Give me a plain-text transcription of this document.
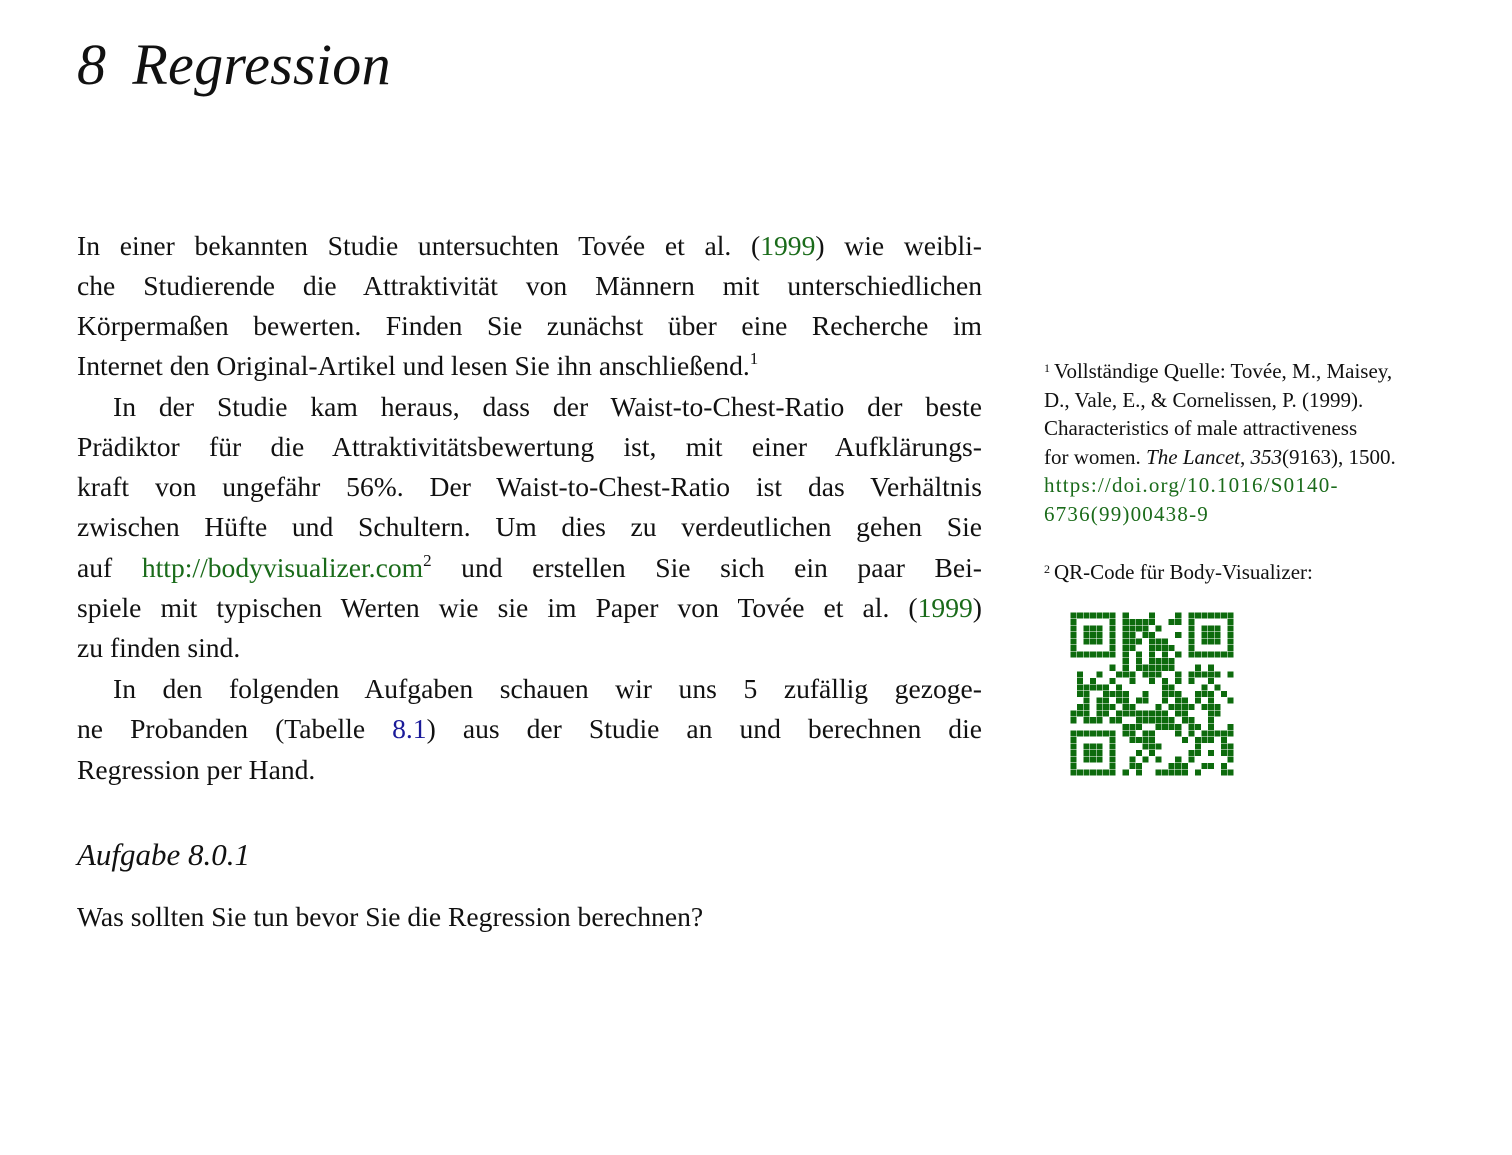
8 Regression
In einer bekannten Studie untersuchten Tovée et al. (1999) wie weibli-
che Studierende die Attraktivität von Männern mit unterschiedlichen
Körpermaßen bewerten. Finden Sie zunächst über eine Recherche im
Internet den Original-Artikel und lesen Sie ihn anschließend.$^1$
In der Studie kam heraus, dass der Waist-to-Chest-Ratio der beste
Prädiktor für die Attraktivitätsbewertung ist, mit einer Aufklärungs-
kraft von ungefähr 56%. Der Waist-to-Chest-Ratio ist das Verhältnis
zwischen Hüfte und Schultern. Um dies zu verdeutlichen gehen Sie
auf http://bodyvisualizer.com$^2$ und erstellen Sie sich ein paar Bei-
spiele mit typischen Werten wie sie im Paper von Tovée et al. (1999)
zu finden sind.
In den folgenden Aufgaben schauen wir uns 5 zufällig gezoge-
ne Probanden (Tabelle 8.1) aus der Studie an und berechnen die
Regression per Hand.
Aufgabe 8.0.1
Was sollten Sie tun bevor Sie die Regression berechnen?
$^1$ Vollständige Quelle: Tovée, M., Maisey,
D., Vale, E., & Cornelissen, P. (1999).
Characteristics of male attractiveness
for women. The Lancet, 353(9163), 1500.
https://doi.org/10.1016/S0140-
6736(99)00438-9
$^2$ QR-Code für Body-Visualizer:
